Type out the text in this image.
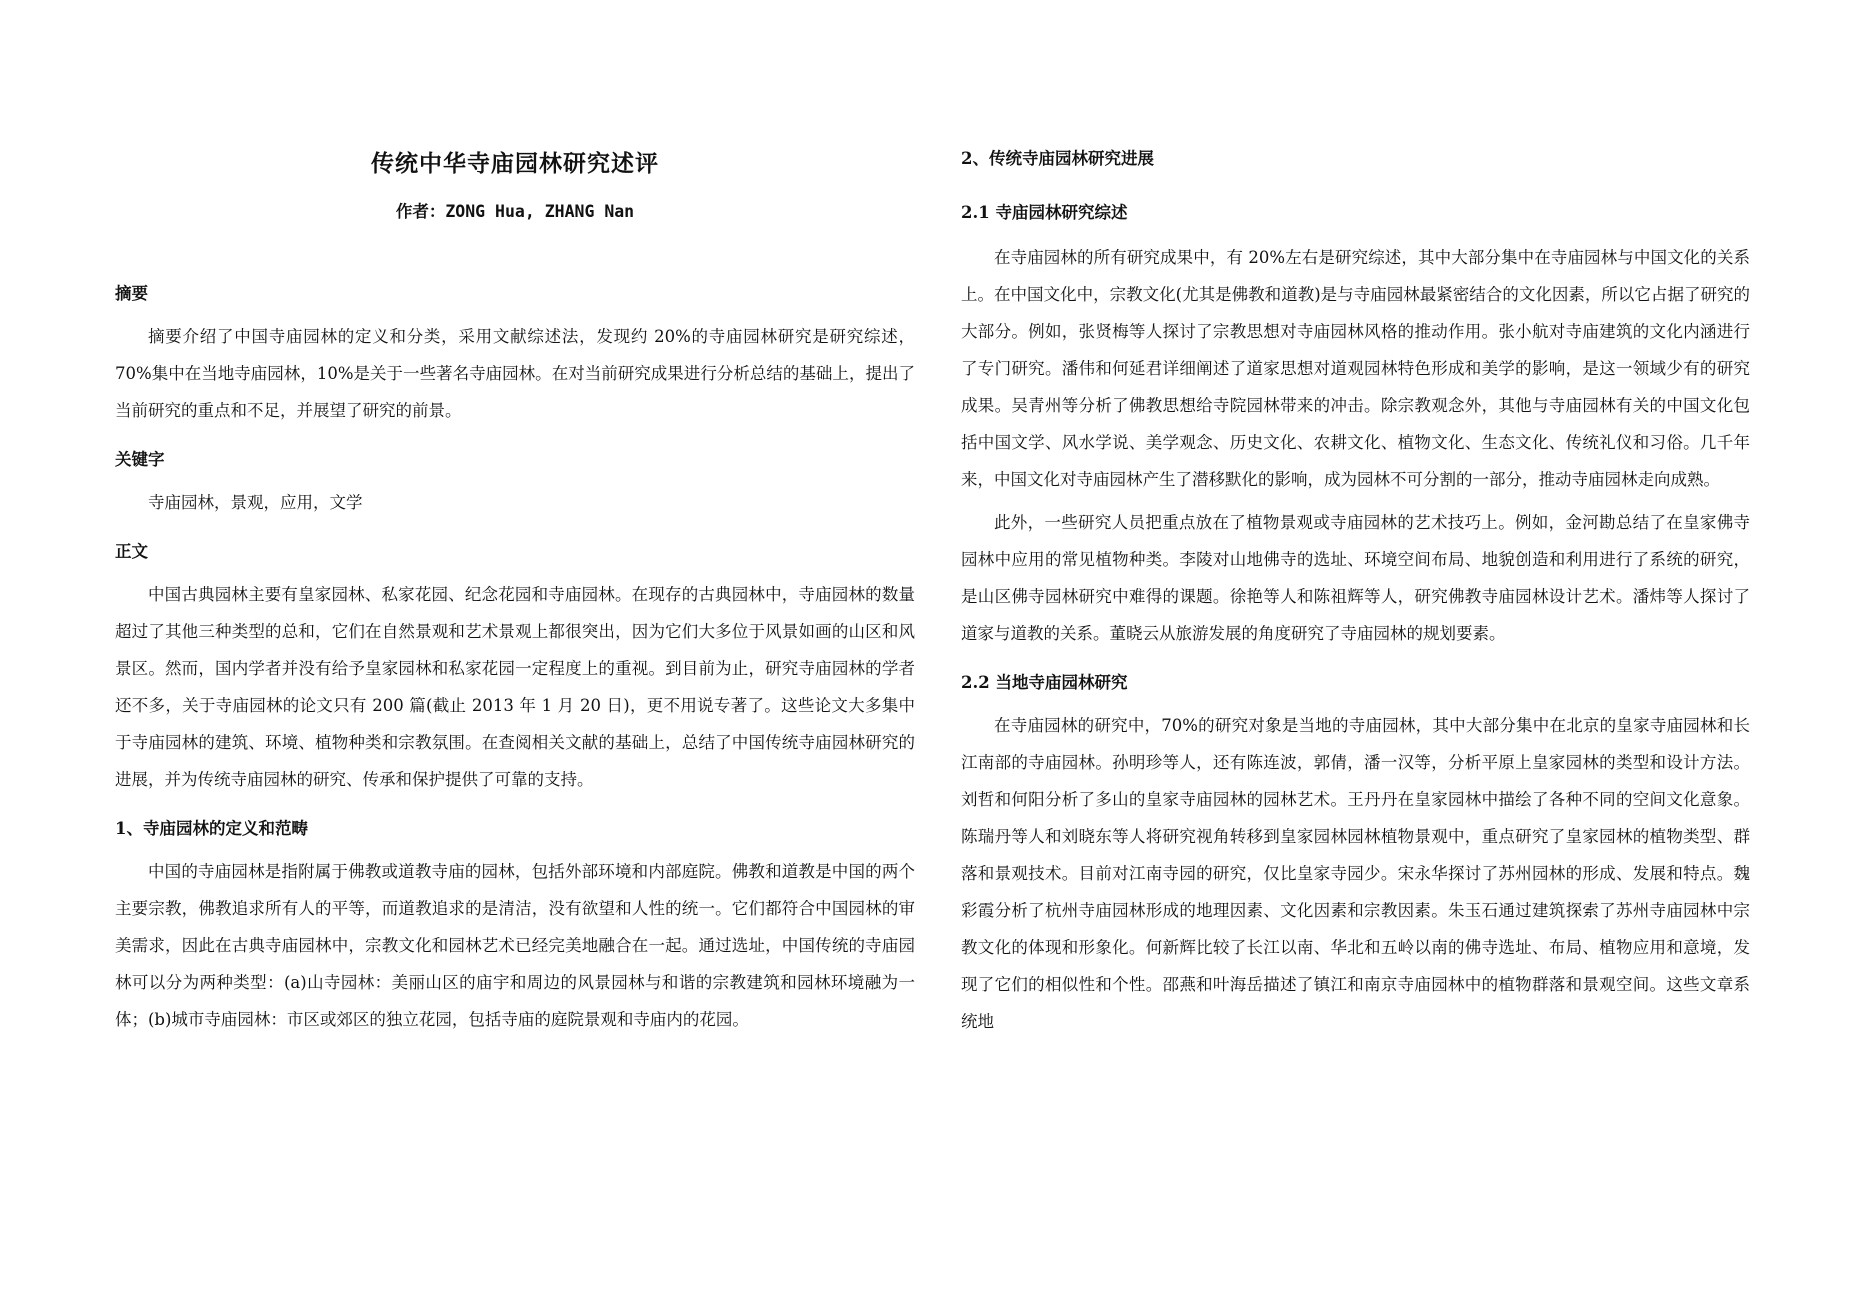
传统中华寺庙园林研究述评
作者：ZONG Hua, ZHANG Nan
摘要

摘要介绍了中国寺庙园林的定义和分类，采用文献综述法，发现约 20%的寺庙园林研究是研究综述，70%集中在当地寺庙园林，10%是关于一些著名寺庙园林。在对当前研究成果进行分析总结的基础上，提出了当前研究的重点和不足，并展望了研究的前景。

关键字

寺庙园林，景观，应用，文学

正文

中国古典园林主要有皇家园林、私家花园、纪念花园和寺庙园林。在现存的古典园林中，寺庙园林的数量超过了其他三种类型的总和，它们在自然景观和艺术景观上都很突出，因为它们大多位于风景如画的山区和风景区。然而，国内学者并没有给予皇家园林和私家花园一定程度上的重视。到目前为止，研究寺庙园林的学者还不多，关于寺庙园林的论文只有 200 篇(截止 2013 年 1 月 20 日)，更不用说专著了。这些论文大多集中于寺庙园林的建筑、环境、植物种类和宗教氛围。在查阅相关文献的基础上，总结了中国传统寺庙园林研究的进展，并为传统寺庙园林的研究、传承和保护提供了可靠的支持。

1、寺庙园林的定义和范畴

中国的寺庙园林是指附属于佛教或道教寺庙的园林，包括外部环境和内部庭院。佛教和道教是中国的两个主要宗教，佛教追求所有人的平等，而道教追求的是清洁，没有欲望和人性的统一。它们都符合中国园林的审美需求，因此在古典寺庙园林中，宗教文化和园林艺术已经完美地融合在一起。通过选址，中国传统的寺庙园林可以分为两种类型：(a)山寺园林：美丽山区的庙宇和周边的风景园林与和谐的宗教建筑和园林环境融为一体；(b)城市寺庙园林：市区或郊区的独立花园，包括寺庙的庭院景观和寺庙内的花园。

2、传统寺庙园林研究进展
2.1 寺庙园林研究综述

在寺庙园林的所有研究成果中，有 20%左右是研究综述，其中大部分集中在寺庙园林与中国文化的关系上。在中国文化中，宗教文化(尤其是佛教和道教)是与寺庙园林最紧密结合的文化因素，所以它占据了研究的大部分。例如，张贤梅等人探讨了宗教思想对寺庙园林风格的推动作用。张小航对寺庙建筑的文化内涵进行了专门研究。潘伟和何延君详细阐述了道家思想对道观园林特色形成和美学的影响，是这一领域少有的研究成果。吴青州等分析了佛教思想给寺院园林带来的冲击。除宗教观念外，其他与寺庙园林有关的中国文化包括中国文学、风水学说、美学观念、历史文化、农耕文化、植物文化、生态文化、传统礼仪和习俗。几千年来，中国文化对寺庙园林产生了潜移默化的影响，成为园林不可分割的一部分，推动寺庙园林走向成熟。

此外，一些研究人员把重点放在了植物景观或寺庙园林的艺术技巧上。例如，金河勘总结了在皇家佛寺园林中应用的常见植物种类。李陵对山地佛寺的选址、环境空间布局、地貌创造和利用进行了系统的研究，是山区佛寺园林研究中难得的课题。徐艳等人和陈祖辉等人，研究佛教寺庙园林设计艺术。潘炜等人探讨了道家与道教的关系。董晓云从旅游发展的角度研究了寺庙园林的规划要素。

2.2 当地寺庙园林研究

在寺庙园林的研究中，70%的研究对象是当地的寺庙园林，其中大部分集中在北京的皇家寺庙园林和长江南部的寺庙园林。孙明珍等人，还有陈连波，郭倩，潘一汉等，分析平原上皇家园林的类型和设计方法。刘哲和何阳分析了多山的皇家寺庙园林的园林艺术。王丹丹在皇家园林中描绘了各种不同的空间文化意象。陈瑞丹等人和刘晓东等人将研究视角转移到皇家园林园林植物景观中，重点研究了皇家园林的植物类型、群落和景观技术。目前对江南寺园的研究，仅比皇家寺园少。宋永华探讨了苏州园林的形成、发展和特点。魏彩霞分析了杭州寺庙园林形成的地理因素、文化因素和宗教因素。朱玉石通过建筑探索了苏州寺庙园林中宗教文化的体现和形象化。何新辉比较了长江以南、华北和五岭以南的佛寺选址、布局、植物应用和意境，发现了它们的相似性和个性。邵燕和叶海岳描述了镇江和南京寺庙园林中的植物群落和景观空间。这些文章系统地
